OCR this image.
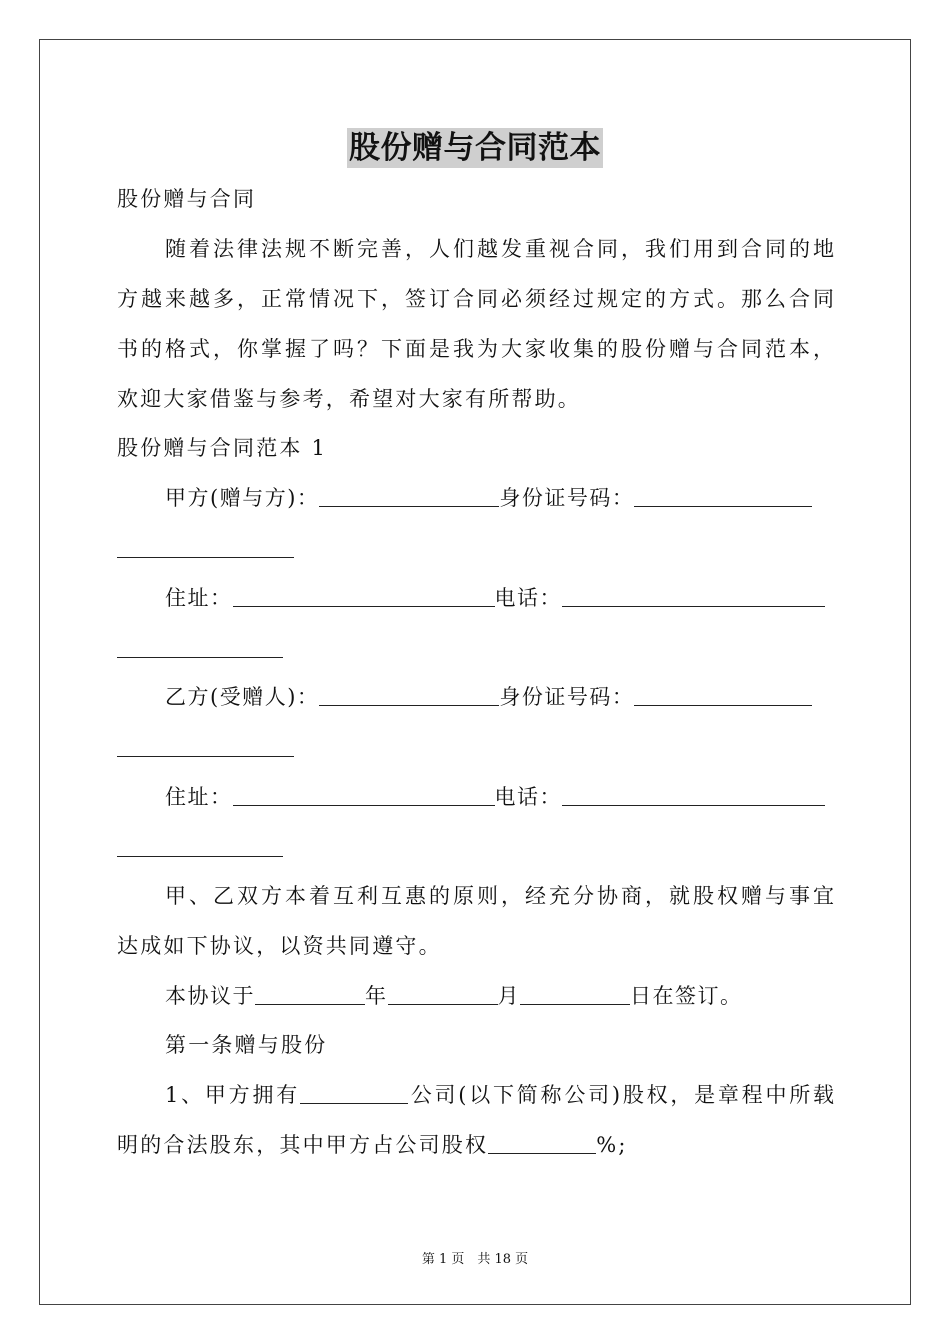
股份赠与合同范本
股份赠与合同
随着法律法规不断完善，人们越发重视合同，我们用到合同的地
方越来越多，正常情况下，签订合同必须经过规定的方式。那么合同
书的格式，你掌握了吗？下面是我为大家收集的股份赠与合同范本，
欢迎大家借鉴与参考，希望对大家有所帮助。
股份赠与合同范本 1
甲方(赠与方)：	身份证号码：
住址：	电话：
乙方(受赠人)：	身份证号码：
住址：	电话：
甲、乙双方本着互利互惠的原则，经充分协商，就股权赠与事宜
达成如下协议，以资共同遵守。
本协议于	年	月	日在签订。
第一条赠与股份
1、甲方拥有	公司(以下简称公司)股权，是章程中所载
明的合法股东，其中甲方占公司股权	%;
第 1 页　共 18 页
